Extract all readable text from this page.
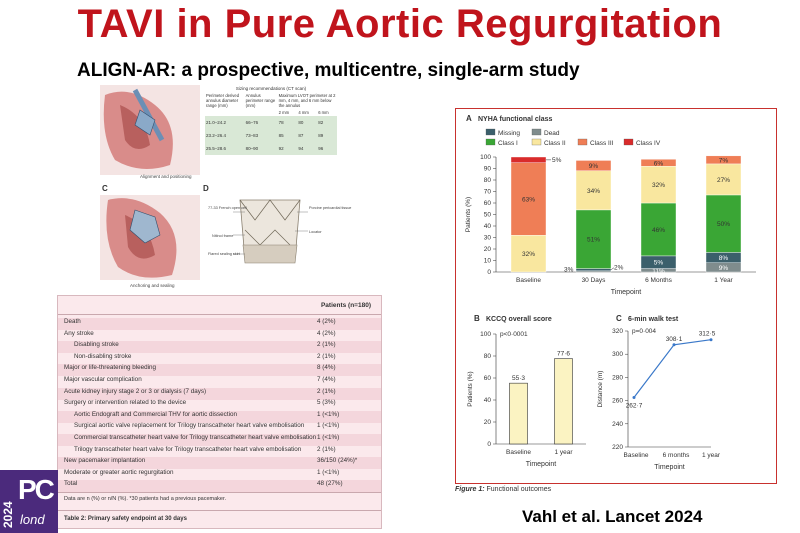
TAVI in Pure Aortic Regurgitation
ALIGN-AR: a prospective, multicentre, single-arm study
Alignment and positioning
C
Anchoring and sealing
D
77-33 French open cell
Nitinol frame
Flared sealing skirt
Porcine pericardial tissue
Locator
Sizing recommendations (CT scan)
Perimeter derived annulus diameter range (mm)	Annulus perimeter range (mm)	Maximum LVOT perimeter at 2 mm, 4 mm, and 6 mm below the annulus		
		2 mm	4 mm	6 mm
21.0–24.2	66–76	78	80	82
23.2–26.4	73–83	85	87	89
25.5–28.6	80–90	92	94	96
Patients (n=180)
Death	4 (2%)
Any stroke	4 (2%)
Disabling stroke	2 (1%)
Non-disabling stroke	2 (1%)
Major or life-threatening bleeding	8 (4%)
Major vascular complication	7 (4%)
Acute kidney injury stage 2 or 3 or dialysis (7 days)	2 (1%)
Surgery or intervention related to the device	5 (3%)
Aortic Endograft and Commercial THV for aortic dissection	1 (<1%)
Surgical aortic valve replacement for Trilogy transcatheter heart valve embolisation 1 (<1%)
Commercial transcatheter heart valve for Trilogy transcatheter heart valve embolisation 1 (<1%)
Trilogy transcatheter heart valve for Trilogy transcatheter heart valve embolisation 2 (1%)
New pacemaker implantation	36/150 (24%)*
Moderate or greater aortic regurgitation	1 (<1%)
Total	48 (27%)
Data are n (%) or n/N (%). *30 patients had a previous pacemaker.
Table 2: Primary safety endpoint at 30 days
A NYHA functional class
Missing	Dead
Class I	Class II	Class III	Class IV
0
10
20
30
40
50
60
70
80
90
100
Patients (%)
Timepoint
Baseline
32%
63%
5%
30 Days
3%	2%
51%
34%
9%
6 Months
11%
5%
46%
32%
6%
1 Year
9%
8%
50%
27%
7%
B KCCQ overall score
p<0·0001
0
20
40
60
80
100
Patients (%)
Timepoint
55·3
Baseline
77·6
1 year
C 6-min walk test
p=0·004
220
240
260
280
300
320
Distance (m)
Timepoint
262·7
Baseline
308·1
6 months
312·5
1 year
Figure 1: Functional outcomes
Vahl et al. Lancet 2024
2024
PC
lond
